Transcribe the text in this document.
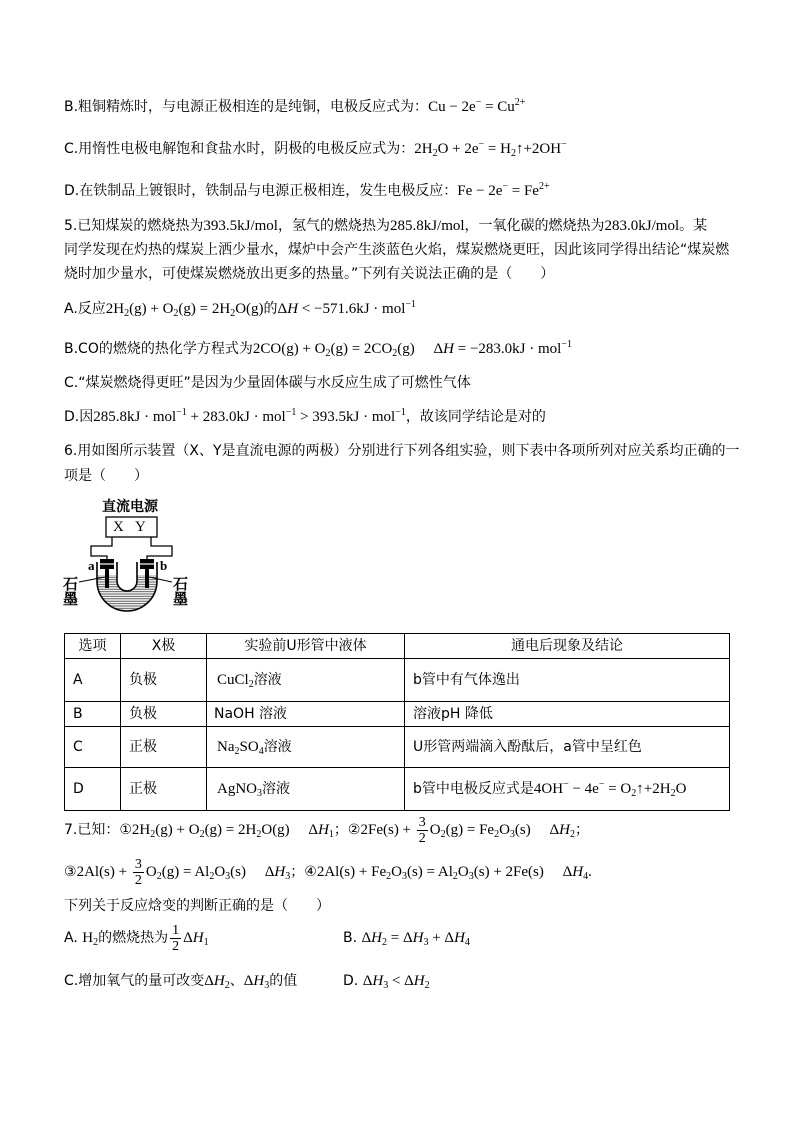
B.粗铜精炼时，与电源正极相连的是纯铜，电极反应式为：$Cu - 2e^- = Cu^{2+}$
C.用惰性电极电解饱和食盐水时，阴极的电极反应式为：$2H_2O + 2e^-$ = $H_2↑+2OH^-$
D.在铁制品上镀银时，铁制品与电源正极相连，发生电极反应：$Fe - 2e^- = Fe^{2+}$
5.已知煤炭的燃烧热为393.5kJ/mol，氢气的燃烧热为285.8kJ/mol，一氧化碳的燃烧热为283.0kJ/mol。某
同学发现在灼热的煤炭上洒少量水，煤炉中会产生淡蓝色火焰，煤炭燃烧更旺，因此该同学得出结论“煤炭燃
烧时加少量水，可使煤炭燃烧放出更多的热量。”下列有关说法正确的是（　　）
A.反应$2H_2(g) + O_2(g) = 2H_2O(g)$的ΔH < −571.6kJ · mol$^{-1}$
B.CO的燃烧的热化学方程式为$2CO(g) + O_2(g) = 2CO_2(g)$     ΔH = −283.0kJ · mol$^{-1}$
C.“煤炭燃烧得更旺”是因为少量固体碳与水反应生成了可燃性气体
D.因285.8kJ · mol$^{-1}$ + 283.0kJ · mol$^{-1}$ > 393.5kJ · mol$^{-1}$，故该同学结论是对的
6.用如图所示装置（X、Y是直流电源的两极）分别进行下列各组实验，则下表中各项所列对应关系均正确的一
项是（　　）
直流电源
X Y
a	b
石墨	石墨
选项	X极	实验前U形管中液体	通电后现象及结论
A	负极	CuCl$_2$溶液	b管中有气体逸出
B	负极	NaOH 溶液	溶液pH 降低
C	正极	$Na_2SO_4$溶液	U形管两端滴入酚酞后，a管中呈红色
D	正极	AgNO$_3$溶液	b管中电极反应式是$4OH^- - 4e^- = O_2↑+2H_2O$
7.已知：$①2H_2(g) + O_2(g) = 2H_2O(g)$     $\Delta H_1$；②2Fe(s) + $\frac{3}{2} O_2(g) = Fe_2O_3(s)$     $\Delta H_2$；
③2Al(s) + $\frac{3}{2} O_2(g) = Al_2O_3(s)$     $\Delta H_3$；④2Al(s) + $Fe_2O_3(s) = Al_2O_3(s) + 2Fe(s)$     $\Delta H_4$.
下列关于反应焓变的判断正确的是（　　）
A. $H_2$的燃烧热为 $\frac{1}{2} \Delta H_1$	B. $\Delta H_2 = \Delta H_3 + \Delta H_4$
C.增加氧气的量可改变$\Delta H_2$、$\Delta H_3$的值	D. $\Delta H_3 < \Delta H_2$
